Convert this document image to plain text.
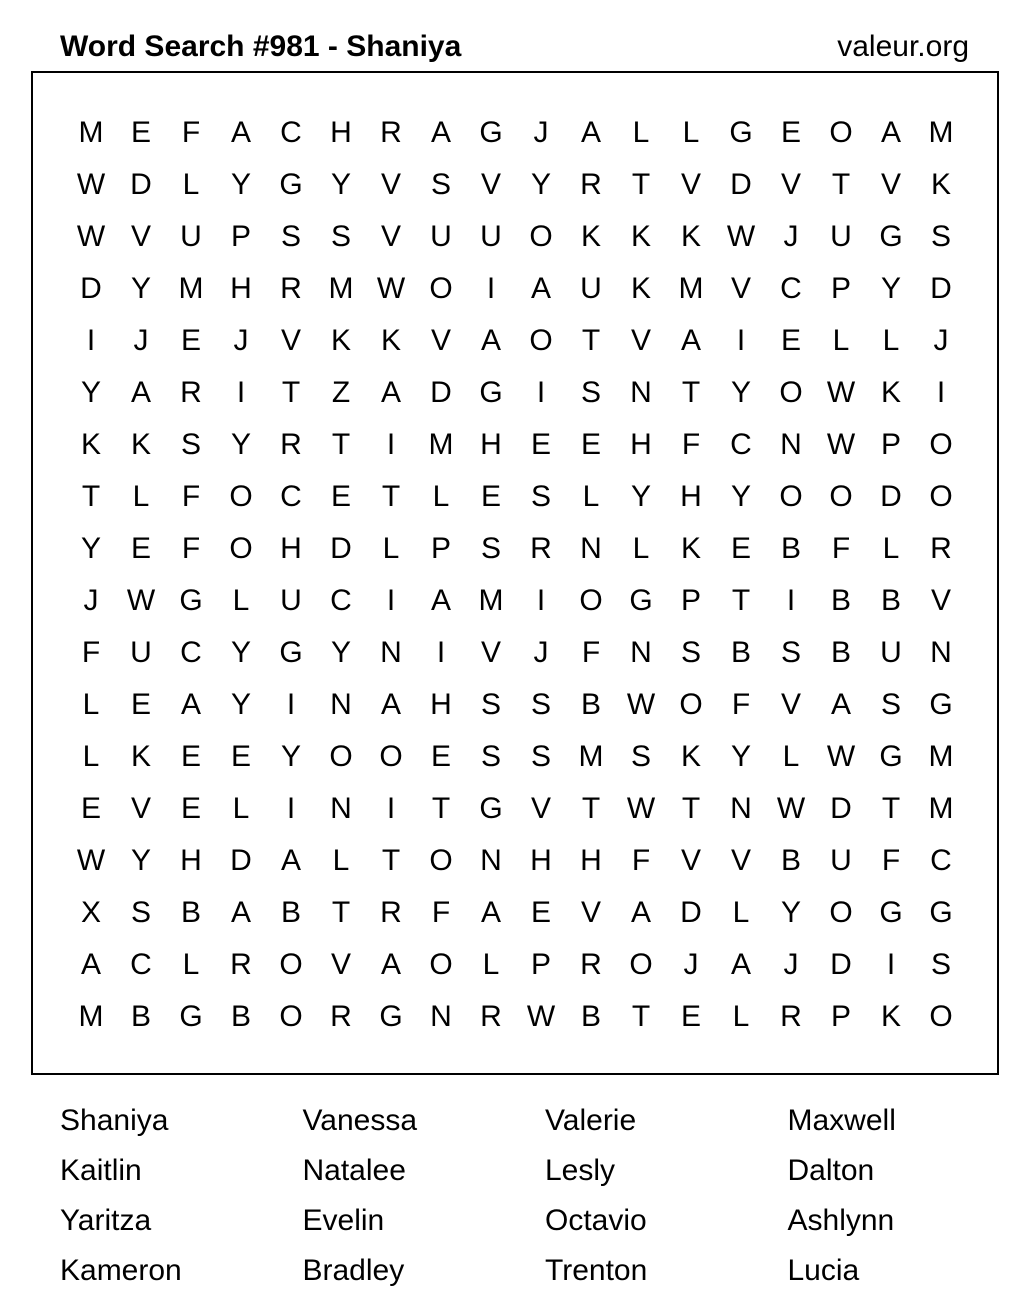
Word Search #981 - Shaniya	valeur.org
M E	F	A C H R A G	J	A	L	L G E O A M
W D	L	Y G Y V S V Y R	T	V D V	T	V K
W V U P S S V U U O K K K W J	U G S
D Y M H R M W O	I	A U K M V C P Y D
I	J	E	J	V K K V A O T	V A	I	E	L	L	J
Y A R	I	T	Z	A D G	I	S N	T	Y O W K	I
K K S Y R	T	I	M H E E H	F	C N W P O
T	L	F O C E	T	L	E S	L	Y H Y O O D O
Y E	F O H D	L	P S R N	L	K E B	F	L	R
J W G L	U C	I	A M	I	O G P	T	I	B B V
F	U C Y G Y N	I	V	J	F	N S B S B U N
L	E A Y	I	N A H S S B W O F	V A S G
L	K E E Y O O E S S M S K Y	L W G M
E V E	L	I	N	I	T G V	T W T	N W D	T M
W Y H D A	L	T O N H H	F	V V B U	F	C
X S B A B	T	R	F	A E V A D	L	Y O G G
A C	L	R O V A O L	P R O	J	A	J	D	I	S
M B G B O R G N R W B	T	E	L	R P K O
Shaniya	Vanessa	Valerie	Maxwell
Kaitlin	Natalee	Lesly	Dalton
Yaritza	Evelin	Octavio	Ashlynn
Kameron	Bradley	Trenton	Lucia
